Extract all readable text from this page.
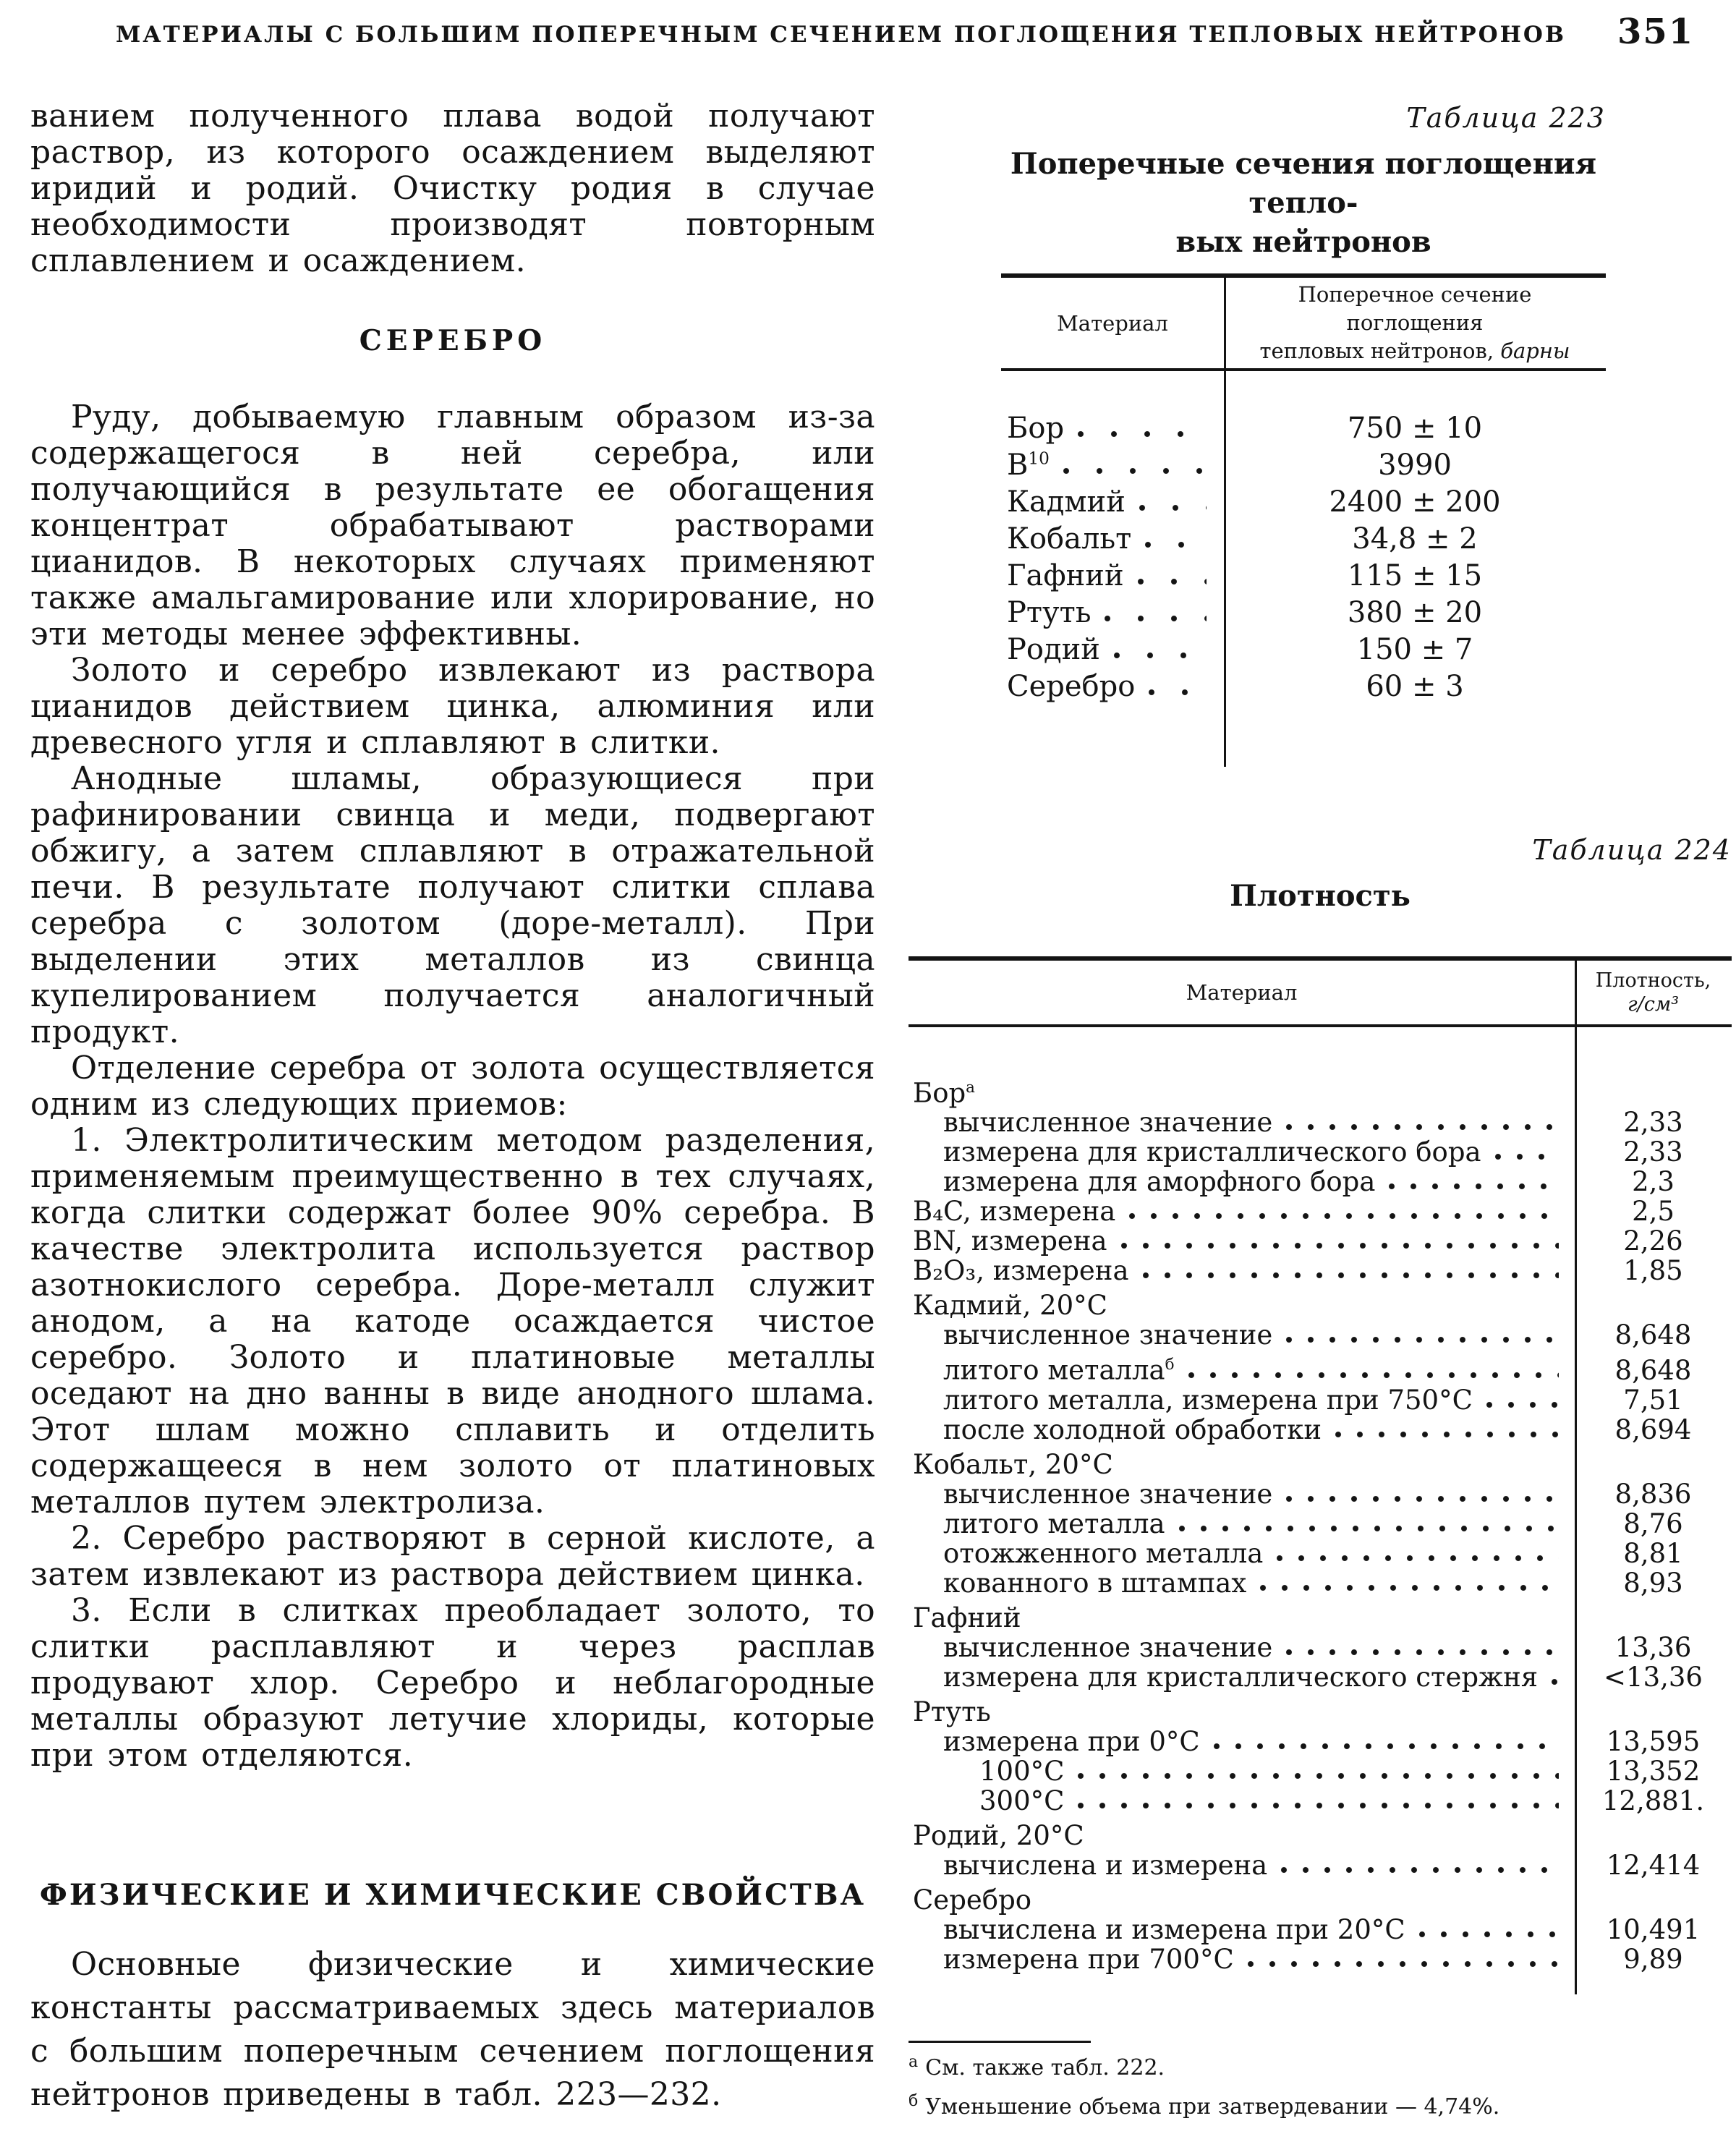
МАТЕРИАЛЫ С БОЛЬШИМ ПОПЕРЕЧНЫМ СЕЧЕНИЕМ ПОГЛОЩЕНИЯ ТЕПЛОВЫХ НЕЙТРОНОВ 351

ванием полученного плава водой получают раствор, из которого осаждением выделяют иридий и родий. Очистку родия в случае необходимости производят повторным сплавлением и осаждением.

СЕРЕБРО

Руду, добываемую главным образом из-за содержащегося в ней серебра, или получающийся в результате ее обогащения концентрат обрабатывают растворами цианидов. В некоторых случаях применяют также амальгамирование или хлорирование, но эти методы менее эффективны.

Золото и серебро извлекают из раствора цианидов действием цинка, алюминия или древесного угля и сплавляют в слитки.

Анодные шламы, образующиеся при рафинировании свинца и меди, подвергают обжигу, а затем сплавляют в отражательной печи. В результате получают слитки сплава серебра с золотом (доре-металл). При выделении этих металлов из свинца купелированием получается аналогичный продукт.

Отделение серебра от золота осуществляется одним из следующих приемов:

1. Электролитическим методом разделения, применяемым преимущественно в тех случаях, когда слитки содержат более 90% серебра. В качестве электролита используется раствор азотнокислого серебра. Доре-металл служит анодом, а на катоде осаждается чистое серебро. Золото и платиновые металлы оседают на дно ванны в виде анодного шлама. Этот шлам можно сплавить и отделить содержащееся в нем золото от платиновых металлов путем электролиза.

2. Серебро растворяют в серной кислоте, а затем извлекают из раствора действием цинка.

3. Если в слитках преобладает золото, то слитки расплавляют и через расплав продувают хлор. Серебро и неблагородные металлы образуют летучие хлориды, которые при этом отделяются.

ФИЗИЧЕСКИЕ И ХИМИЧЕСКИЕ СВОЙСТВА

Основные физические и химические константы рассматриваемых здесь материалов с большим поперечным сечением поглощения нейтронов приведены в табл. 223—232.

Таблица 223
Поперечные сечения поглощения тепло-
вых нейтронов
Материал
Поперечное сечение поглощения
тепловых нейтронов, барны
Бор	750 ± 10
$В^{10}$	3990
Кадмий	2400 ± 200
Кобальт	34,8 ± 2
Гафний	115 ± 15
Ртуть	380 ± 20
Родий	150 ± 7
Серебро	60 ± 3
Таблица 224
Плотность
Материал	Плотность,
г/см³
Бор$^а$
вычисленное значение	2,33
измерена для кристаллического бора	2,33
измерена для аморфного бора	2,3
B₄C, измерена	2,5
BN, измерена	2,26
B₂O₃, измерена	1,85
Кадмий, 20°С
вычисленное значение	8,648
литого металла$^б$	8,648
литого металла, измерена при 750°С	7,51
после холодной обработки	8,694
Кобальт, 20°С
вычисленное значение	8,836
литого металла	8,76
отожженного металла	8,81
кованного в штампах	8,93
Гафний
вычисленное значение	13,36
измерена для кристаллического стержня	<13,36
Ртуть
измерена при 0°С	13,595
100°С	13,352
300°С	12,881.
Родий, 20°С
вычислена и измерена	12,414
Серебро
вычислена и измерена при 20°С	10,491
измерена при 700°С	9,89
$^а$ См. также табл. 222.
$^б$ Уменьшение объема при затвердевании — 4,74%.
